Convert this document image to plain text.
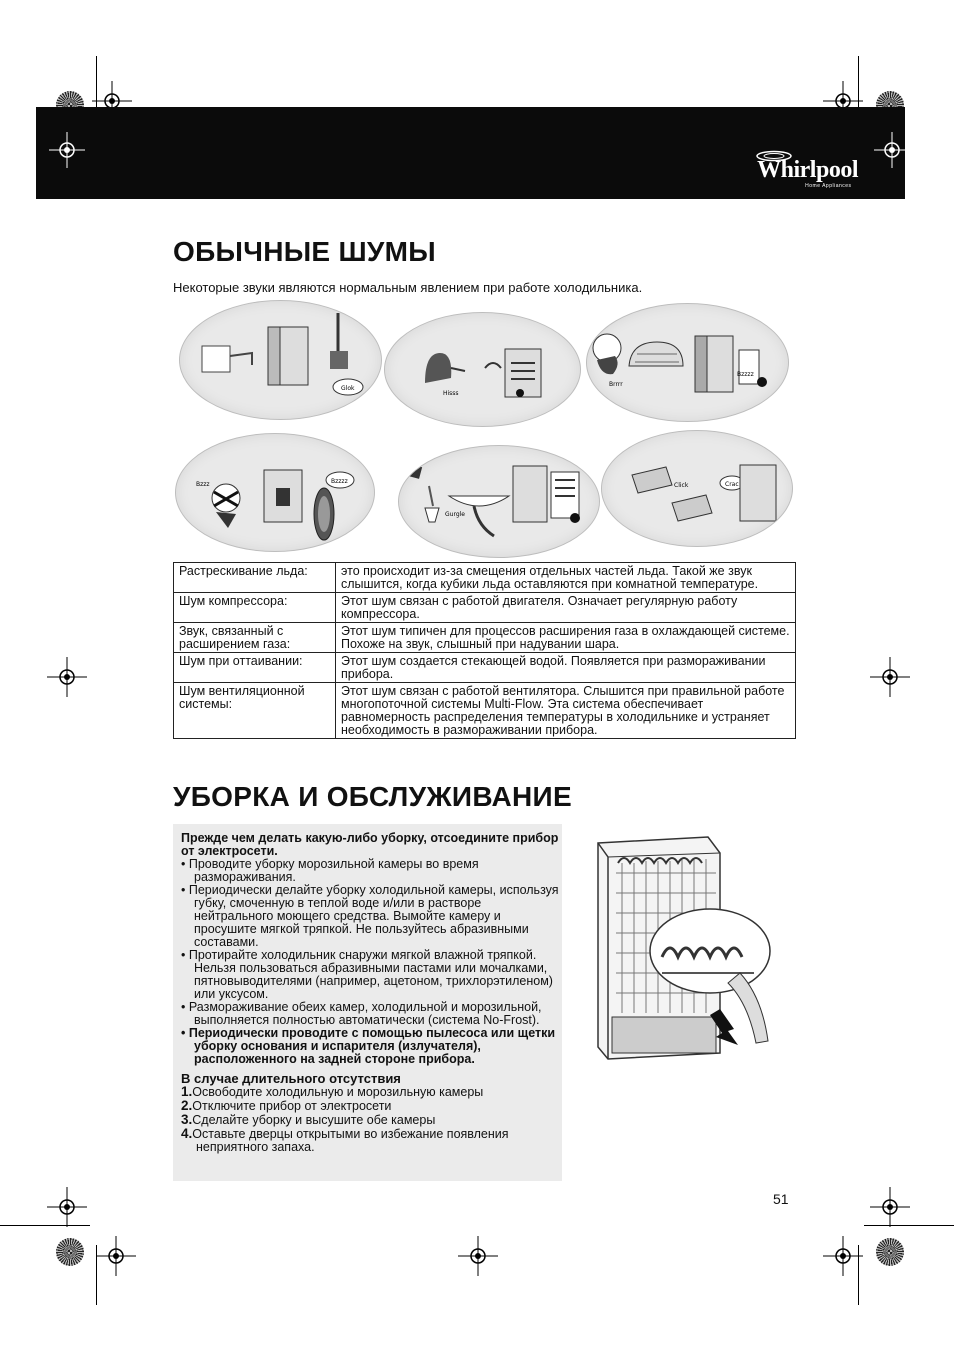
Whirlpool
Home Appliances
ОБЫЧНЫЕ ШУМЫ
Некоторые звуки являются нормальным явлением при работе холодильника.
Glok
Hisss
Brrrr
Bzzzz
Bzzz	Bzzzz
Gurgle
Click	Crac
Растрескивание льда:	это происходит из-за смещения отдельных частей льда. Такой же звук слышится, когда кубики льда оставляются при комнатной температуре.
Шум компрессора:	Этот шум связан с работой двигателя. Означает регулярную работу компрессора.
Звук, связанный с расширением газа:	Этот шум типичен для процессов расширения газа в охлаждающей системе. Похоже на звук, слышный при надувании шара.
Шум при оттаивании:	Этот шум создается стекающей водой. Появляется при размораживании прибора.
Шум вентиляционной системы:	Этот шум связан с работой вентилятора. Слышится при правильной работе многопоточной системы Multi-Flow. Эта система обеспечивает равномерность распределения температуры в холодильнике и устраняет необходимость в размораживании прибора.
УБОРКА И ОБСЛУЖИВАНИЕ
Прежде чем делать какую-либо уборку, отсоедините прибор от электросети.
• Проводите уборку морозильной камеры во время размораживания.
• Периодически делайте уборку холодильной камеры, используя губку, смоченную в теплой воде и/или в растворе нейтрального моющего средства. Вымойте камеру и просушите мягкой тряпкой. Не пользуйтесь абразивными составами.
• Протирайте холодильник снаружи мягкой влажной тряпкой. Нельзя пользоваться абразивными пастами или мочалками, пятновыводителями (например, ацетоном, трихлорэтиленом) или уксусом.
• Размораживание обеих камер, холодильной и морозильной, выполняется полностью автоматически (система No-Frost).
• Периодически проводите с помощью пылесоса или щетки уборку основания и испарителя (излучателя), расположенного на задней стороне прибора.
В случае длительного отсутствия
1.Освободите холодильную и морозильную камеры
2.Отключите прибор от электросети
3.Сделайте уборку и высушите обе камеры
4.Оставьте дверцы открытыми во избежание появления неприятного запаха.
51
